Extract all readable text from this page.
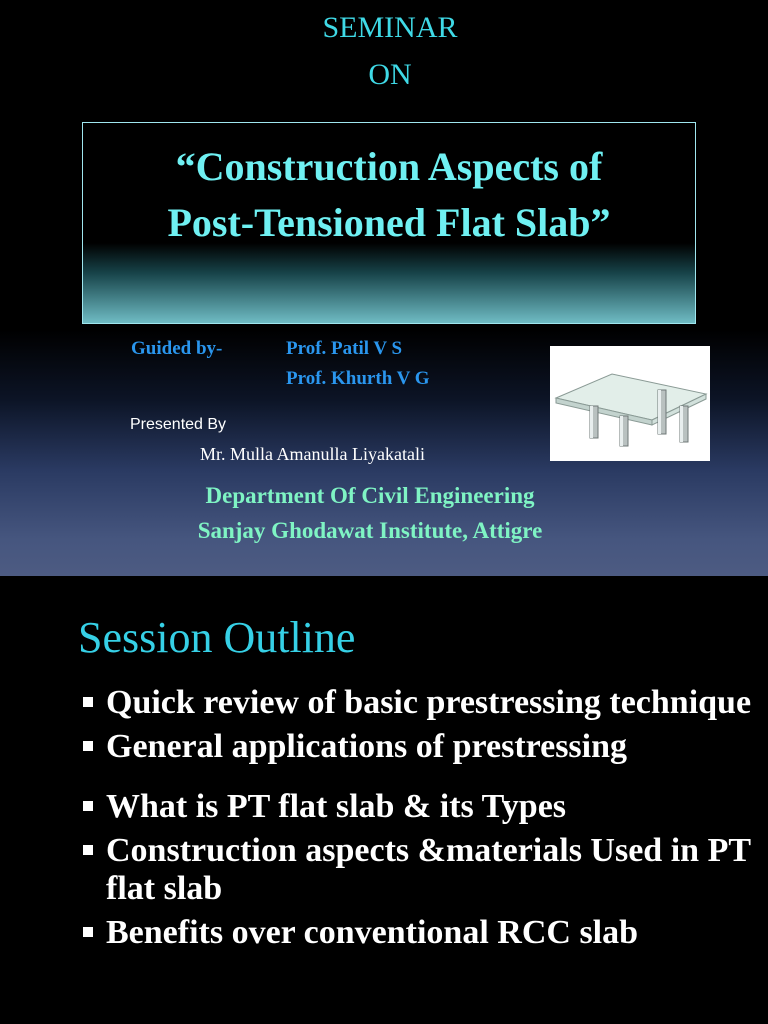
SEMINAR
ON
“Construction Aspects of
Post-Tensioned Flat Slab”
Guided by-	Prof. Patil V S
Prof. Khurth V G
Presented By
Mr. Mulla Amanulla Liyakatali
Department Of Civil Engineering
Sanjay Ghodawat Institute, Attigre
Session Outline
Quick review of basic prestressing technique
General applications of prestressing
What is PT flat slab & its Types
Construction aspects &materials Used in PT flat slab
Benefits over conventional RCC slab
